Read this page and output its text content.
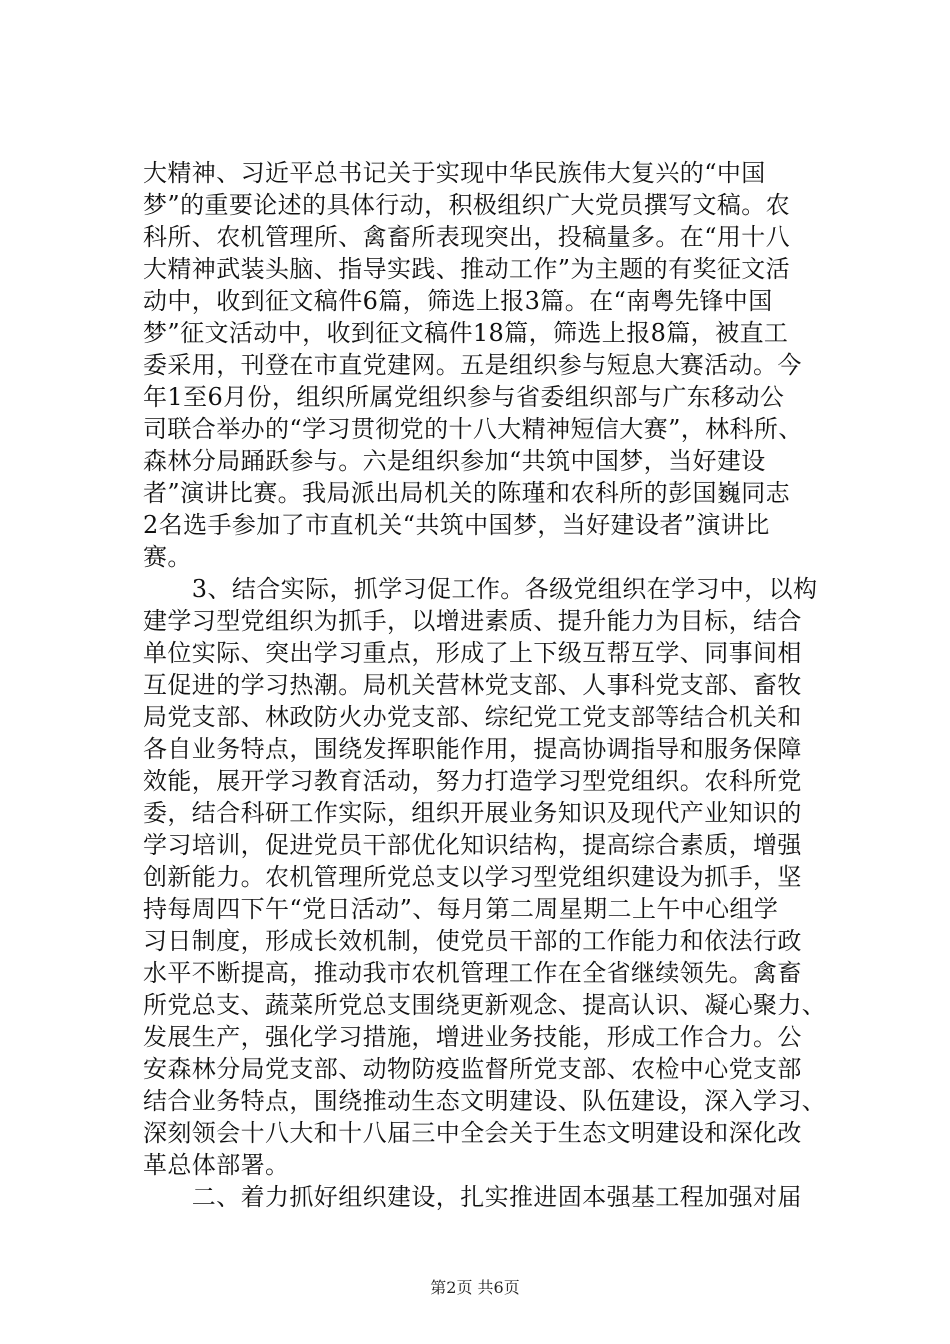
大精神、习近平总书记关于实现中华民族伟大复兴的“中国
梦”的重要论述的具体行动，积极组织广大党员撰写文稿。农
科所、农机管理所、禽畜所表现突出，投稿量多。在“用十八
大精神武装头脑、指导实践、推动工作”为主题的有奖征文活
动中，收到征文稿件6篇，筛选上报3篇。在“南粤先锋中国
梦”征文活动中，收到征文稿件18篇，筛选上报8篇，被直工
委采用，刊登在市直党建网。五是组织参与短息大赛活动。今
年1至6月份，组织所属党组织参与省委组织部与广东移动公
司联合举办的“学习贯彻党的十八大精神短信大赛”，林科所、
森林分局踊跃参与。六是组织参加“共筑中国梦，当好建设
者”演讲比赛。我局派出局机关的陈瑾和农科所的彭国巍同志
2名选手参加了市直机关“共筑中国梦，当好建设者”演讲比
赛。
　　3、结合实际，抓学习促工作。各级党组织在学习中，以构
建学习型党组织为抓手，以增进素质、提升能力为目标，结合
单位实际、突出学习重点，形成了上下级互帮互学、同事间相
互促进的学习热潮。局机关营林党支部、人事科党支部、畜牧
局党支部、林政防火办党支部、综纪党工党支部等结合机关和
各自业务特点，围绕发挥职能作用，提高协调指导和服务保障
效能，展开学习教育活动，努力打造学习型党组织。农科所党
委，结合科研工作实际，组织开展业务知识及现代产业知识的
学习培训，促进党员干部优化知识结构，提高综合素质，增强
创新能力。农机管理所党总支以学习型党组织建设为抓手，坚
持每周四下午“党日活动”、每月第二周星期二上午中心组学
习日制度，形成长效机制，使党员干部的工作能力和依法行政
水平不断提高，推动我市农机管理工作在全省继续领先。禽畜
所党总支、蔬菜所党总支围绕更新观念、提高认识、凝心聚力、
发展生产，强化学习措施，增进业务技能，形成工作合力。公
安森林分局党支部、动物防疫监督所党支部、农检中心党支部
结合业务特点，围绕推动生态文明建设、队伍建设，深入学习、
深刻领会十八大和十八届三中全会关于生态文明建设和深化改
革总体部署。
　　二、着力抓好组织建设，扎实推进固本强基工程加强对届
第2页 共6页
